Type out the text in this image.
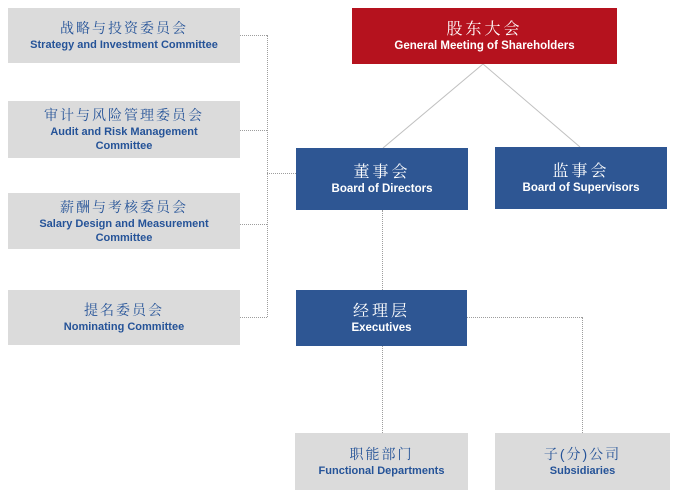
战略与投资委员会
Strategy and Investment Committee
审计与风险管理委员会
Audit and Risk Management Committee
薪酬与考核委员会
Salary Design and Measurement Committee
提名委员会
Nominating Committee
股东大会
General Meeting of Shareholders
董事会
Board of Directors
监事会
Board of Supervisors
经理层
Executives
职能部门
Functional Departments
子(分)公司
Subsidiaries
